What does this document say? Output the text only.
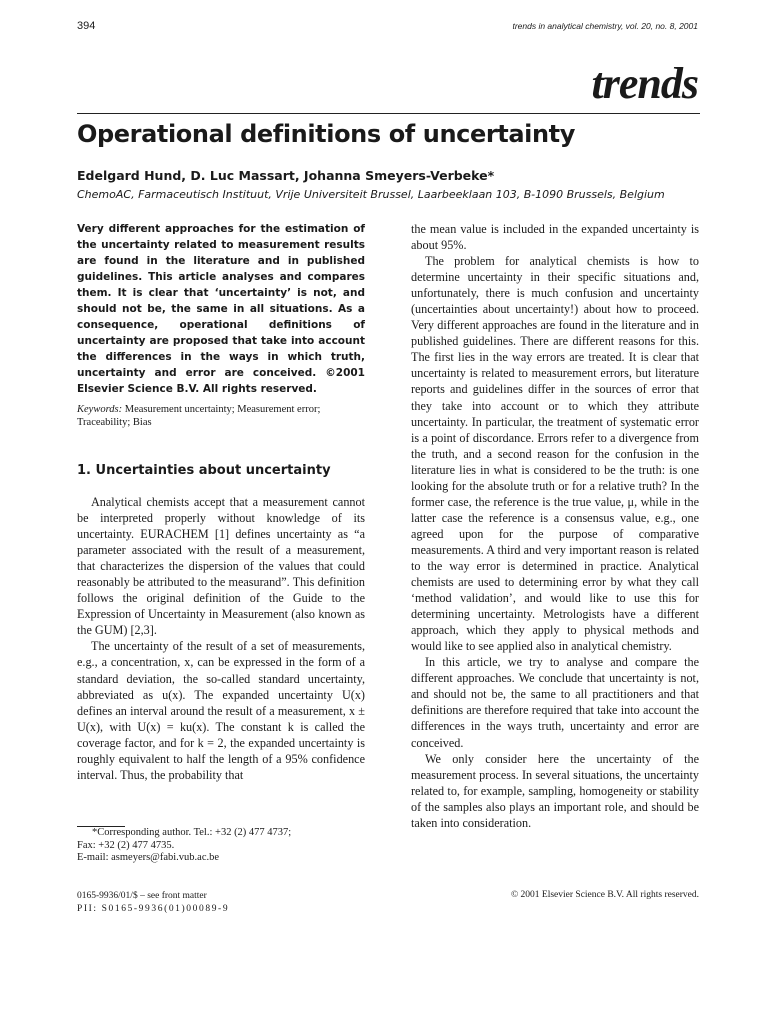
394	trends in analytical chemistry, vol. 20, no. 8, 2001
trends
Operational definitions of uncertainty
Edelgard Hund, D. Luc Massart, Johanna Smeyers-Verbeke*
ChemoAC, Farmaceutisch Instituut, Vrije Universiteit Brussel, Laarbeeklaan 103, B-1090 Brussels, Belgium

Very different approaches for the estimation of the uncertainty related to measurement results are found in the literature and in published guidelines. This article analyses and compares them. It is clear that ‘uncertainty’ is not, and should not be, the same in all situations. As a consequence, operational definitions of uncertainty are proposed that take into account the differences in the ways in which truth, uncertainty and error are conceived. ©2001 Elsevier Science B.V. All rights reserved.

Keywords: Measurement uncertainty; Measurement error; Traceability; Bias

1. Uncertainties about uncertainty

Analytical chemists accept that a measurement cannot be interpreted properly without knowledge of its uncertainty. EURACHEM [1] defines uncertainty as “a parameter associated with the result of a measurement, that characterizes the dispersion of the values that could reasonably be attributed to the measurand”. This definition follows the original definition of the Guide to the Expression of Uncertainty in Measurement (also known as the GUM) [2,3].

The uncertainty of the result of a set of measurements, e.g., a concentration, x, can be expressed in the form of a standard deviation, the so-called standard uncertainty, abbreviated as u(x). The expanded uncertainty U(x) defines an interval around the result of a measurement, x ± U(x), with U(x) = ku(x). The constant k is called the coverage factor, and for k = 2, the expanded uncertainty is roughly equivalent to half the length of a 95% confidence interval. Thus, the probability that

the mean value is included in the expanded uncertainty is about 95%.

The problem for analytical chemists is how to determine uncertainty in their specific situations and, unfortunately, there is much confusion and uncertainty (uncertainties about uncertainty!) about how to proceed. Very different approaches are found in the literature and in published guidelines. There are different reasons for this. The first lies in the way errors are treated. It is clear that uncertainty is related to measurement errors, but literature reports and guidelines differ in the sources of error that they take into account or to which they attribute uncertainty. In particular, the treatment of systematic error is a point of discordance. Errors refer to a divergence from the truth, and a second reason for the confusion in the literature lies in what is considered to be the truth: is one looking for the absolute truth or for a relative truth? In the former case, the reference is the true value, μ, while in the latter case the reference is a consensus value, e.g., one agreed upon for the purpose of comparative measurements. A third and very important reason is related to the way error is determined in practice. Analytical chemists are used to determining error by what they call ‘method validation’, and would like to use this for determining uncertainty. Metrologists have a different approach, which they apply to physical methods and would like to see applied also in analytical chemistry.

In this article, we try to analyse and compare the different approaches. We conclude that uncertainty is not, and should not be, the same to all practitioners and that definitions are therefore required that take into account the differences in the ways truth, uncertainty and error are conceived.

We only consider here the uncertainty of the measurement process. In several situations, the uncertainty related to, for example, sampling, homogeneity or stability of the samples also plays an important role, and should be taken into consideration.

*Corresponding author. Tel.: +32 (2) 477 4737;
Fax: +32 (2) 477 4735.
E-mail: asmeyers@fabi.vub.ac.be
0165-9936/01/$ – see front matter
PII: S0165-9936(01)00089-9
© 2001 Elsevier Science B.V. All rights reserved.
